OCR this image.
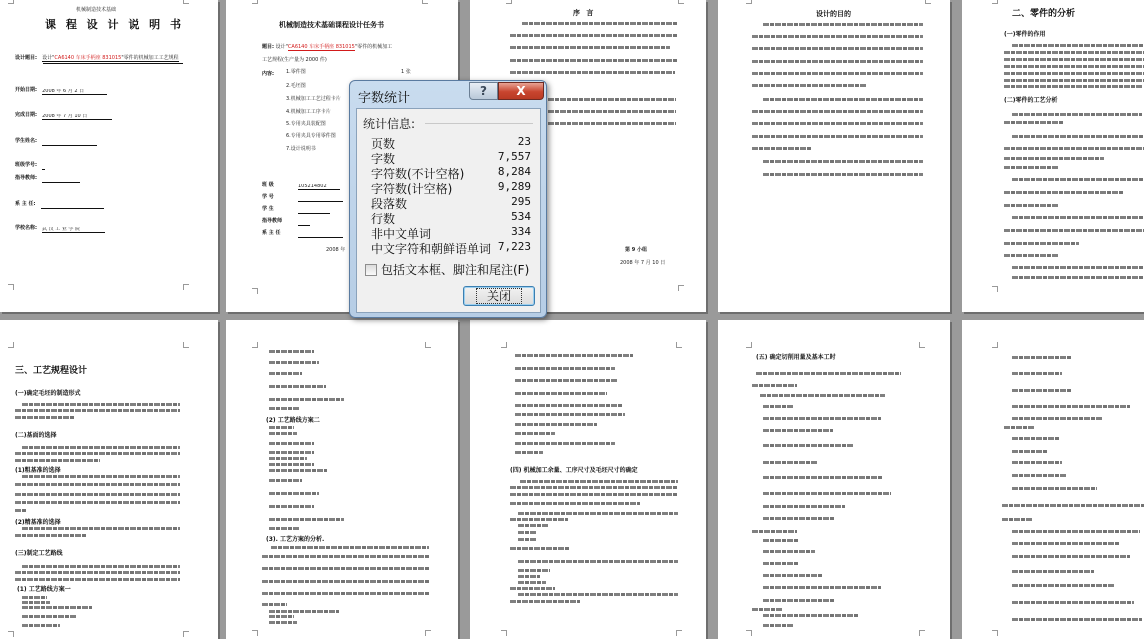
机械制造技术基础
课 程 设 计 说 明 书
设计题目: 设计"CA6140 车床手柄座 831015"零件的机械加工工艺规程
开始日期: 2008 年 6 月 2 日
完成日期: 2008 年 7 月 10 日
学生姓名:
班级学号:
指导教师:
系 主 任:
学校名称: 武 汉 工 业 学 院
机械制造技术基础课程设计任务书
题目: 设计"CA6140 车床手柄座 831015"零件的机械加工
工艺规程(生产量为 2000 件)
内容:	1 张
1.零件图
2.毛坯图
3.机械加工工艺过程卡片
4.机械加工工序卡片
5.专用夹具装配图
6.专用夹具专用零件图
7.设计说明书
班 级	105214802
学 号
学 生
指导教师
系 主 任
2008 年
序 言
第 9 小组
2008 年 7 月 10 日
设计的目的	二、零件的分析
(一)零件的作用
(二)零件的工艺分析
三、工艺规程设计
(一)确定毛坯的制造形式
(二)基面的选择
(1)粗基准的选择
(2)精基准的选择
(三)制定工艺路线
(1) 工艺路线方案一
(2) 工艺路线方案二
(3). 工艺方案的分析.
(四) 机械加工余量、工序尺寸及毛坯尺寸的确定
(五) 确定切削用量及基本工时
字数统计	?	X
统计信息:
页数	23
字数	7,557
字符数(不计空格)	8,284
字符数(计空格)	9,289
段落数	295
行数	534
非中文单词	334
中文字符和朝鲜语单词 7,223
包括文本框、脚注和尾注(F)
关闭
